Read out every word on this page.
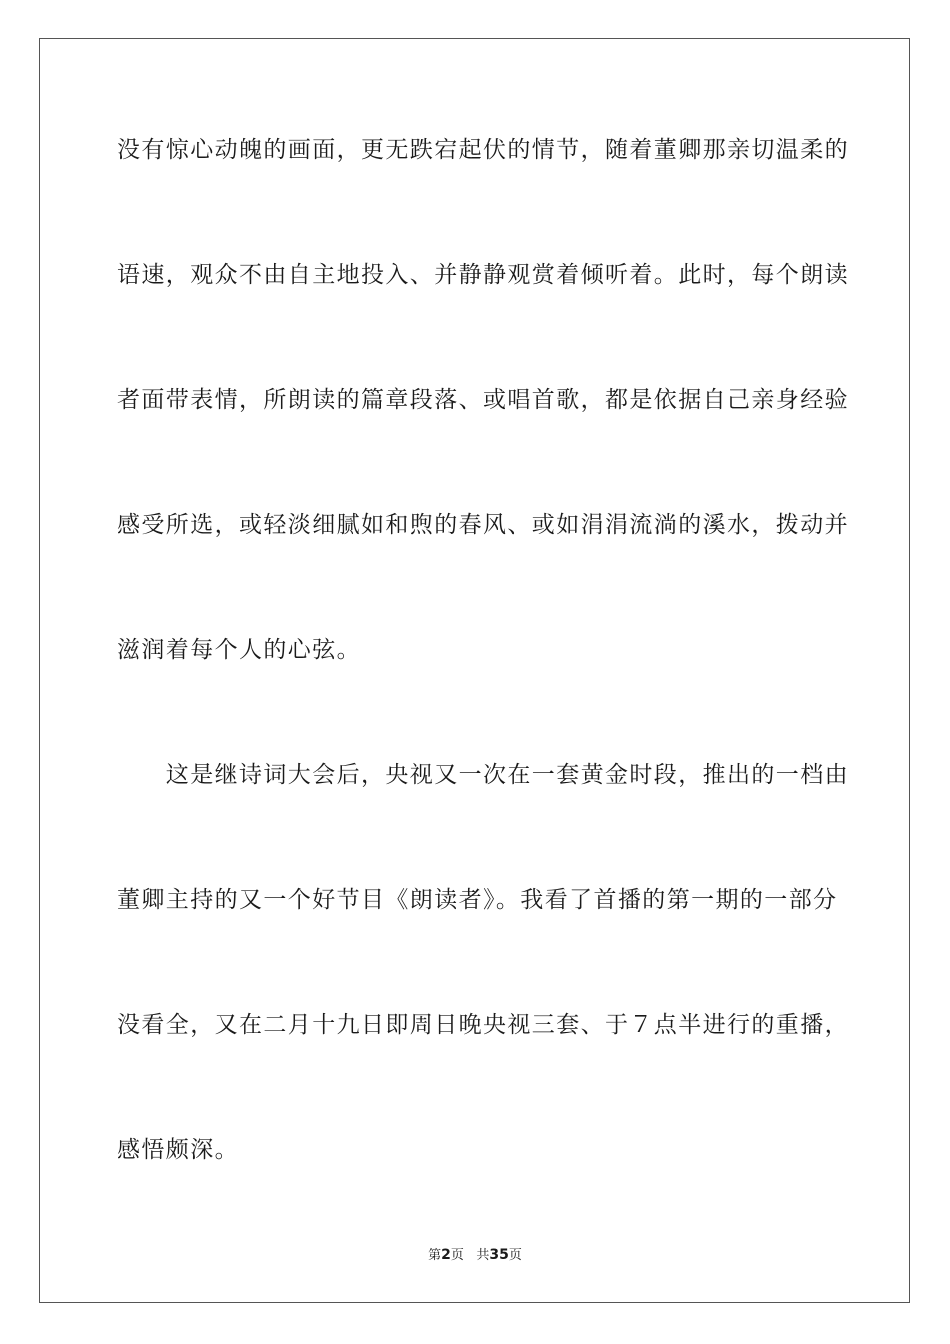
没有惊心动魄的画面，更无跌宕起伏的情节，随着董卿那亲切温柔的
语速，观众不由自主地投入、并静静观赏着倾听着。此时，每个朗读
者面带表情，所朗读的篇章段落、或唱首歌，都是依据自己亲身经验
感受所选，或轻淡细腻如和煦的春风、或如涓涓流淌的溪水，拨动并
滋润着每个人的心弦。
　　这是继诗词大会后，央视又一次在一套黄金时段，推出的一档由
董卿主持的又一个好节目《朗读者》。我看了首播的第一期的一部分
没看全，又在二月十九日即周日晚央视三套、于７点半进行的重播，
感悟颇深。
第2页 共35页
